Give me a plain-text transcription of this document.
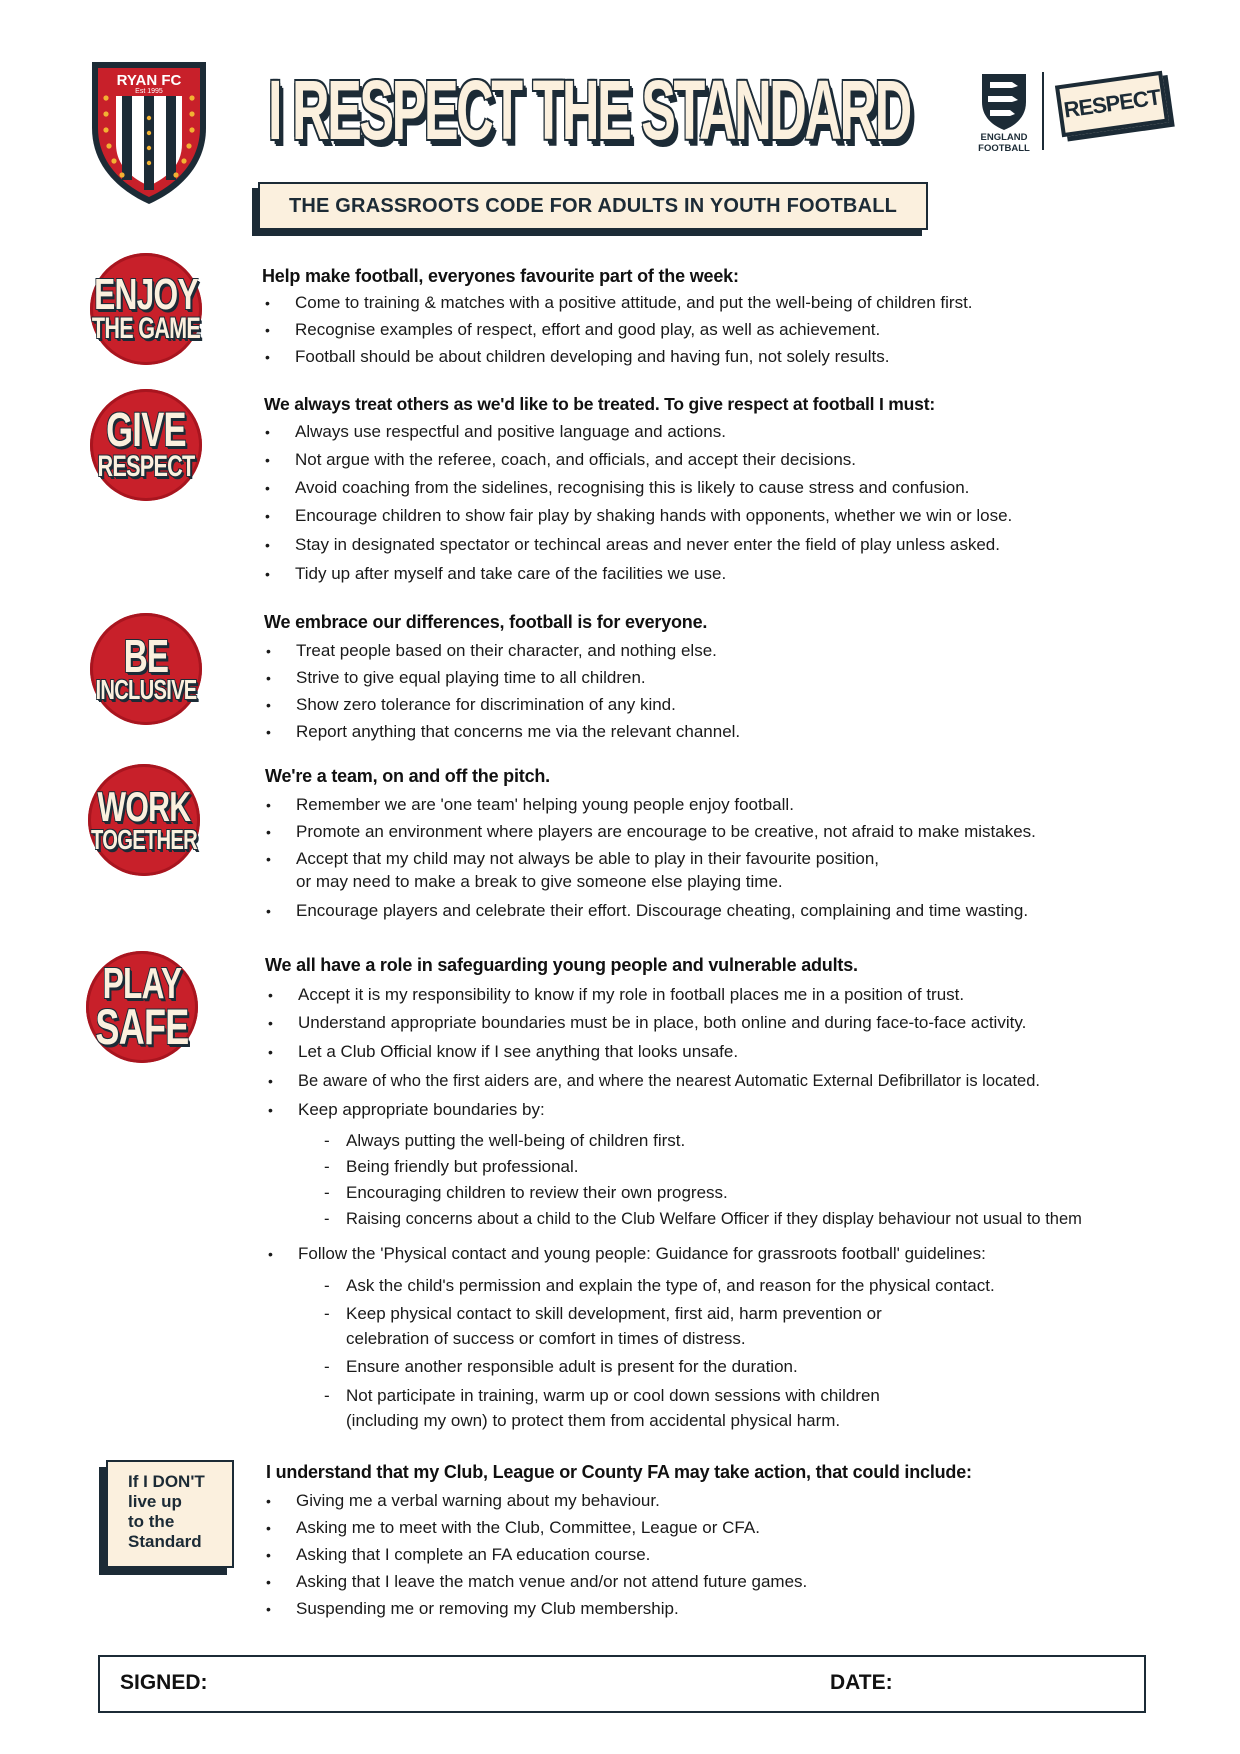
RYAN FC
Est 1995	I RESPECT THE STANDARD
THE GRASSROOTS CODE FOR ADULTS IN YOUTH FOOTBALL
ENGLAND
FOOTBALL
RESPECT
ENJOY
THE GAME
Help make football, everyones favourite part of the week:
• Come to training & matches with a positive attitude, and put the well-being of children first.
• Recognise examples of respect, effort and good play, as well as achievement.
• Football should be about children developing and having fun, not solely results.
GIVE
RESPECT
We always treat others as we'd like to be treated. To give respect at football I must:
• Always use respectful and positive language and actions.
• Not argue with the referee, coach, and officials, and accept their decisions.
• Avoid coaching from the sidelines, recognising this is likely to cause stress and confusion.
• Encourage children to show fair play by shaking hands with opponents, whether we win or lose.
• Stay in designated spectator or techincal areas and never enter the field of play unless asked.
• Tidy up after myself and take care of the facilities we use.
BE
INCLUSIVE
We embrace our differences, football is for everyone.
• Treat people based on their character, and nothing else.
• Strive to give equal playing time to all children.
• Show zero tolerance for discrimination of any kind.
• Report anything that concerns me via the relevant channel.
WORK
TOGETHER
We're a team, on and off the pitch.
• Remember we are 'one team' helping young people enjoy football.
• Promote an environment where players are encourage to be creative, not afraid to make mistakes.
• Accept that my child may not always be able to play in their favourite position,
or may need to make a break to give someone else playing time.
• Encourage players and celebrate their effort. Discourage cheating, complaining and time wasting.
PLAY
SAFE
We all have a role in safeguarding young people and vulnerable adults.
• Accept it is my responsibility to know if my role in football places me in a position of trust.
• Understand appropriate boundaries must be in place, both online and during face-to-face activity.
• Let a Club Official know if I see anything that looks unsafe.
• Be aware of who the first aiders are, and where the nearest Automatic External Defibrillator is located.
• Keep appropriate boundaries by:
- Always putting the well-being of children first.
- Being friendly but professional.
- Encouraging children to review their own progress.
- Raising concerns about a child to the Club Welfare Officer if they display behaviour not usual to them
• Follow the 'Physical contact and young people: Guidance for grassroots football' guidelines:
- Ask the child's permission and explain the type of, and reason for the physical contact.
- Keep physical contact to skill development, first aid, harm prevention or
celebration of success or comfort in times of distress.
- Ensure another responsible adult is present for the duration.
- Not participate in training, warm up or cool down sessions with children
(including my own) to protect them from accidental physical harm.
If I DON'T
live up
to the
Standard
I understand that my Club, League or County FA may take action, that could include:
• Giving me a verbal warning about my behaviour.
• Asking me to meet with the Club, Committee, League or CFA.
• Asking that I complete an FA education course.
• Asking that I leave the match venue and/or not attend future games.
• Suspending me or removing my Club membership.
SIGNED:	DATE:
